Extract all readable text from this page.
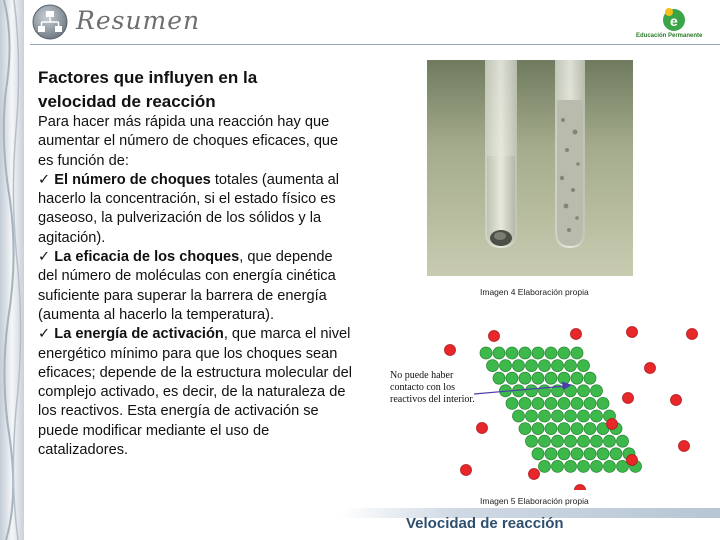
Resumen	e
Educación Permanente
Factores que influyen en la velocidad de reacción
Para hacer más rápida una reacción hay que aumentar el número de choques eficaces, que es función de:
✓ El número de choques totales (aumenta al hacerlo la concentración, si el estado físico es gaseoso, la pulverización de los sólidos y la agitación).
✓ La eficacia de los choques, que depende del número de moléculas con energía cinética suficiente para superar la barrera de energía (aumenta al hacerlo la temperatura).
✓ La energía de activación, que marca el nivel energético mínimo para que los choques sean eficaces; depende de la estructura molecular del complejo activado, es decir, de la naturaleza de los reactivos. Esta energía de activación se puede modificar mediante el uso de catalizadores.
Imagen 4 Elaboración propia
No puede haber contacto con los reactivos del interior.
Imagen 5 Elaboración propia
Velocidad de reacción
